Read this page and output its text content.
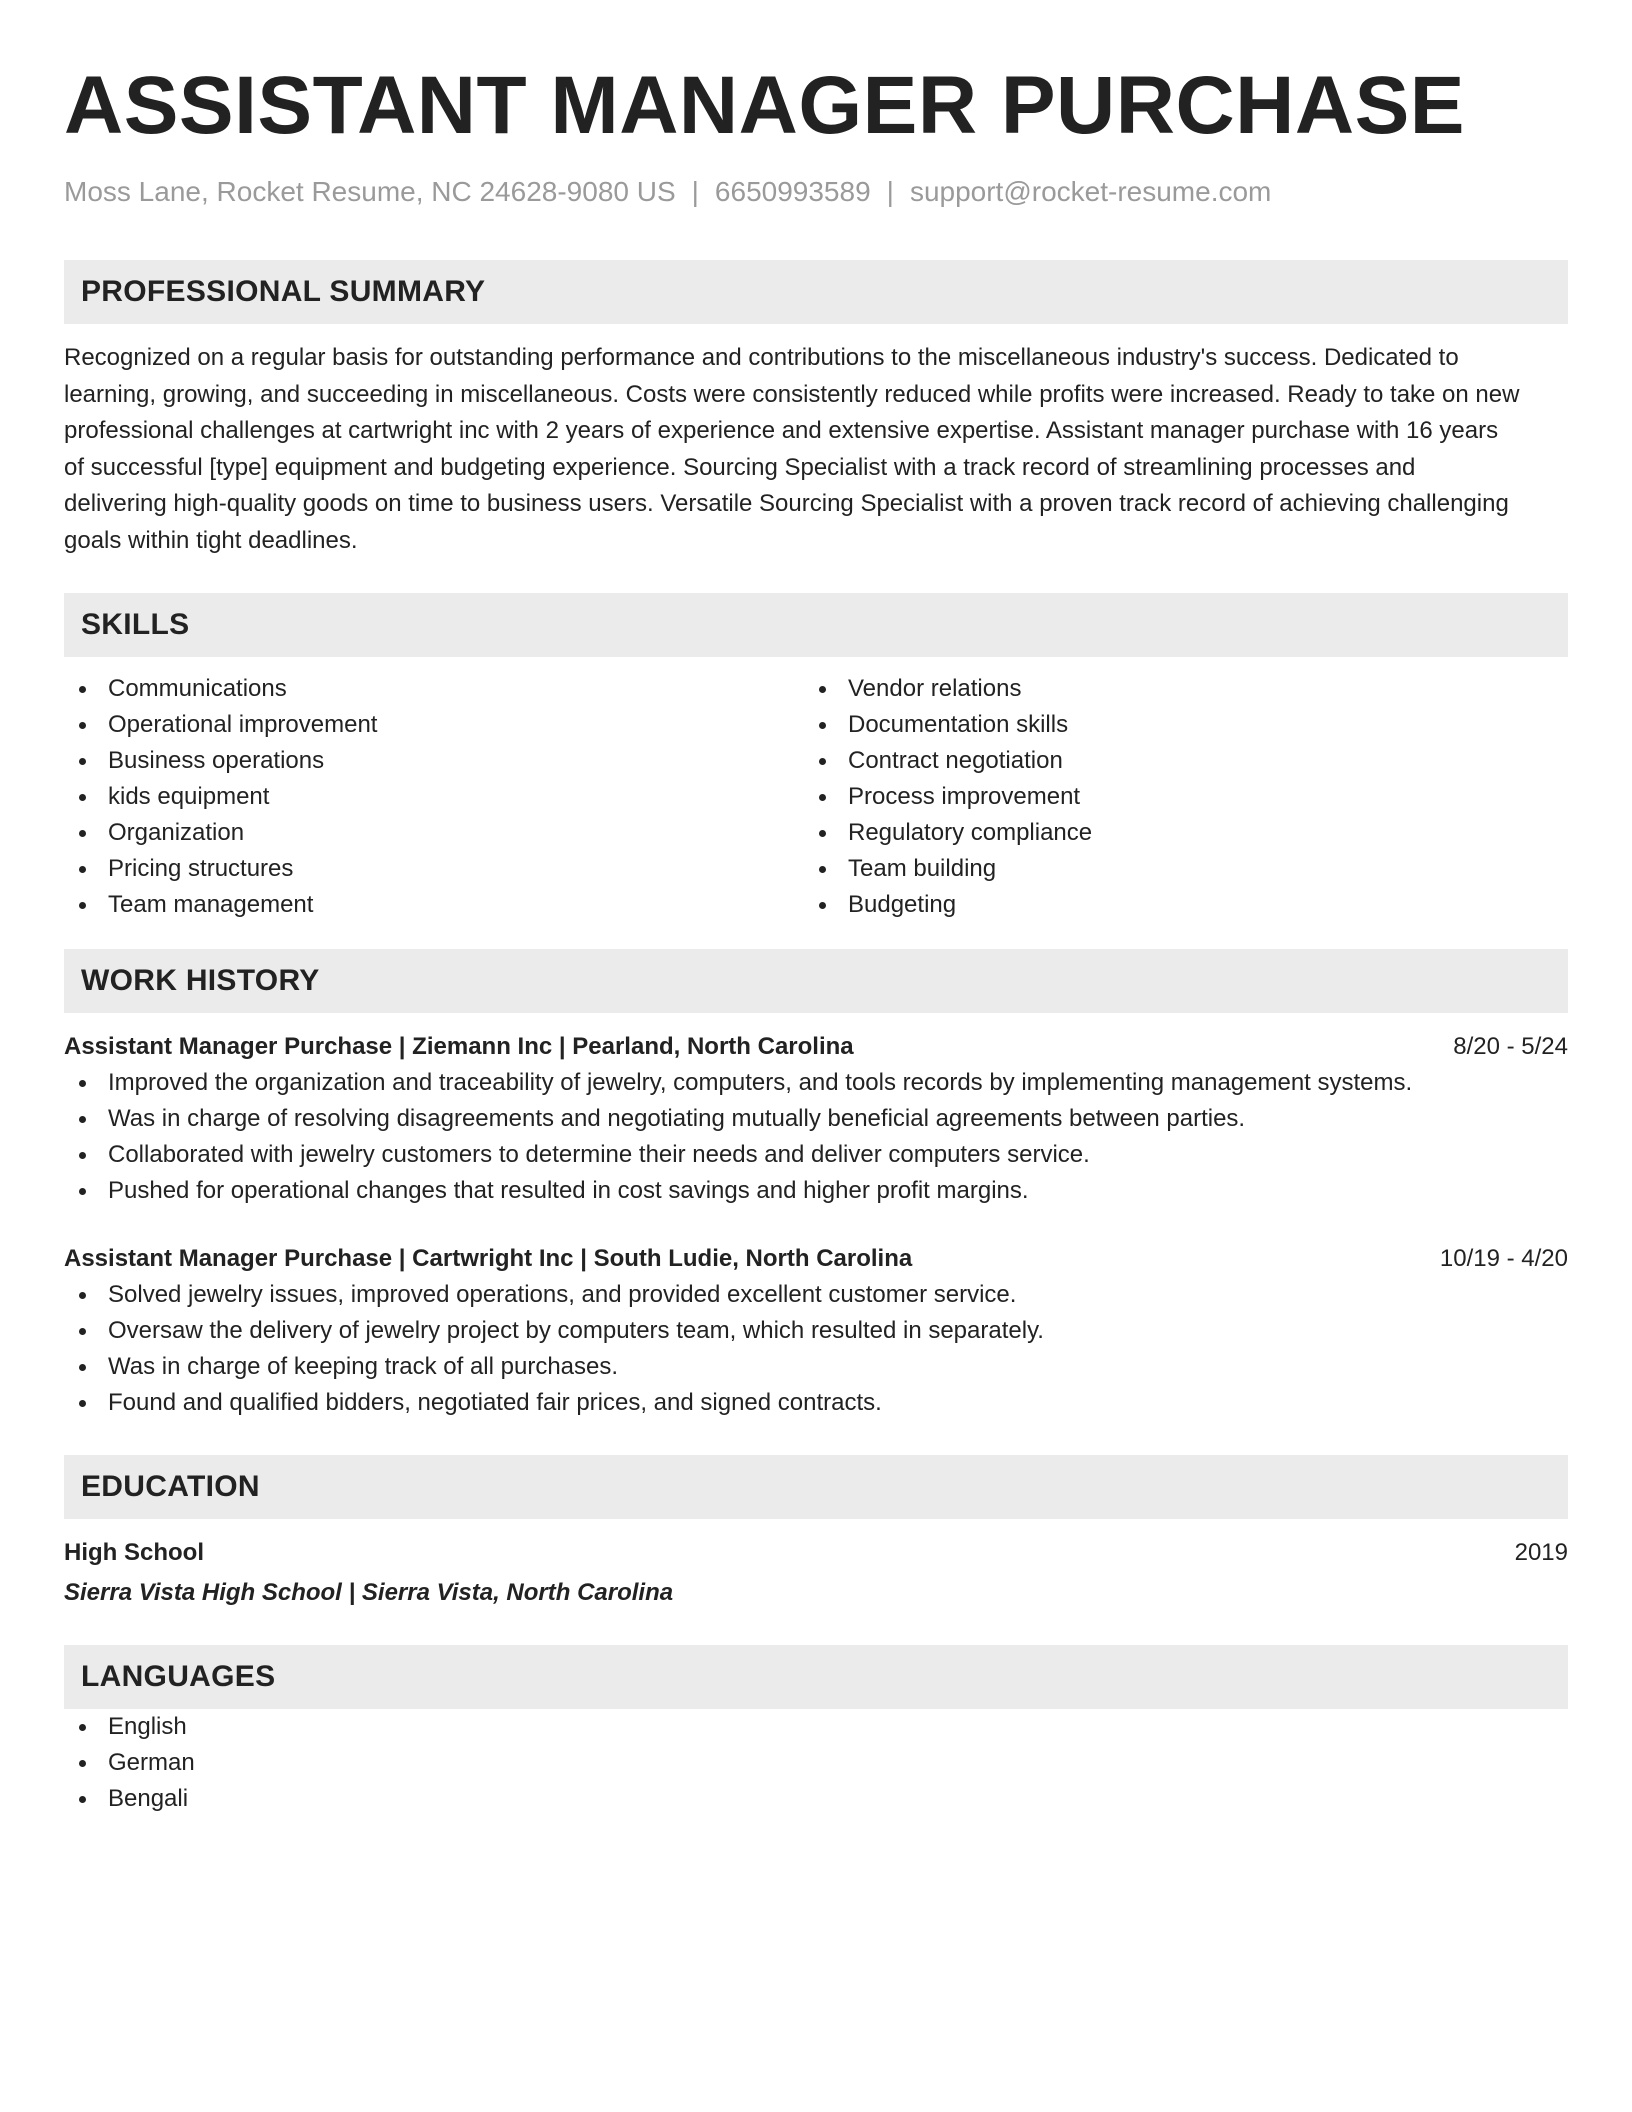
ASSISTANT MANAGER PURCHASE
Moss Lane, Rocket Resume, NC 24628-9080 US | 6650993589 | support@rocket-resume.com
PROFESSIONAL SUMMARY
Recognized on a regular basis for outstanding performance and contributions to the miscellaneous industry's success. Dedicated to
learning, growing, and succeeding in miscellaneous. Costs were consistently reduced while profits were increased. Ready to take on new
professional challenges at cartwright inc with 2 years of experience and extensive expertise. Assistant manager purchase with 16 years
of successful [type] equipment and budgeting experience. Sourcing Specialist with a track record of streamlining processes and
delivering high-quality goods on time to business users. Versatile Sourcing Specialist with a proven track record of achieving challenging
goals within tight deadlines.
SKILLS
Communications
Operational improvement
Business operations
kids equipment
Organization
Pricing structures
Team management
Vendor relations
Documentation skills
Contract negotiation
Process improvement
Regulatory compliance
Team building
Budgeting
WORK HISTORY
Assistant Manager Purchase | Ziemann Inc | Pearland, North Carolina	8/20 - 5/24
Improved the organization and traceability of jewelry, computers, and tools records by implementing management systems.
Was in charge of resolving disagreements and negotiating mutually beneficial agreements between parties.
Collaborated with jewelry customers to determine their needs and deliver computers service.
Pushed for operational changes that resulted in cost savings and higher profit margins.
Assistant Manager Purchase | Cartwright Inc | South Ludie, North Carolina	10/19 - 4/20
Solved jewelry issues, improved operations, and provided excellent customer service.
Oversaw the delivery of jewelry project by computers team, which resulted in separately.
Was in charge of keeping track of all purchases.
Found and qualified bidders, negotiated fair prices, and signed contracts.
EDUCATION
High School	2019
Sierra Vista High School | Sierra Vista, North Carolina
LANGUAGES
English
German
Bengali
